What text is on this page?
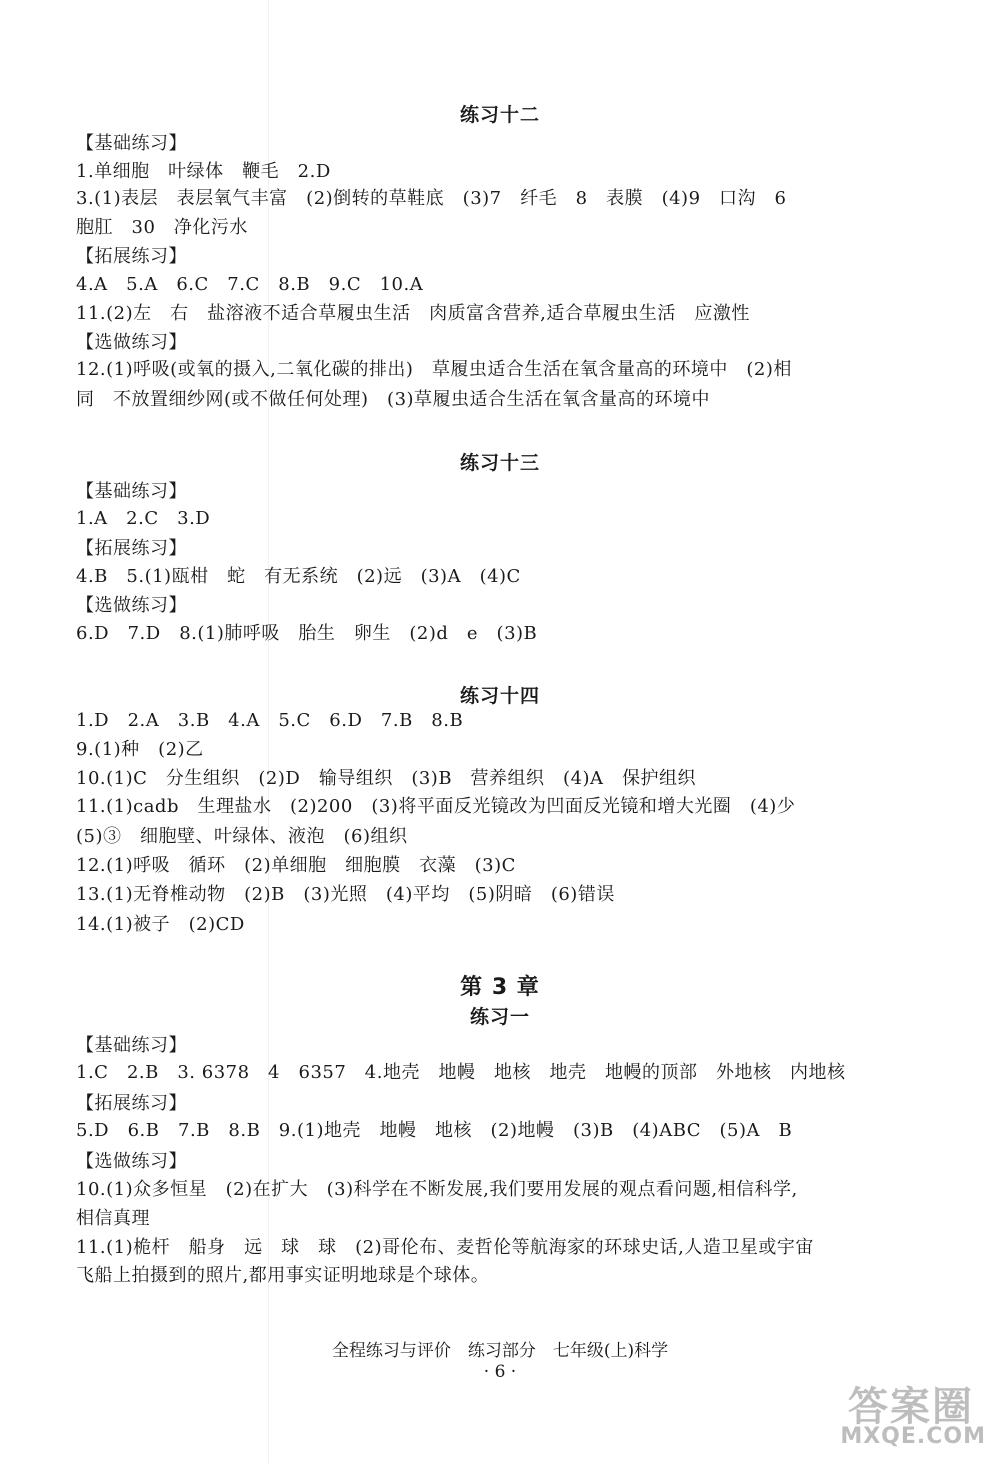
练习十二
【基础练习】
1.单细胞　叶绿体　鞭毛　2.D
3.(1)表层　表层氧气丰富　(2)倒转的草鞋底　(3)7　纤毛　8　表膜　(4)9　口沟　6
胞肛　30　净化污水
【拓展练习】
4.A　5.A　6.C　7.C　8.B　9.C　10.A
11.(2)左　右　盐溶液不适合草履虫生活　肉质富含营养,适合草履虫生活　应激性
【选做练习】
12.(1)呼吸(或氧的摄入,二氧化碳的排出)　草履虫适合生活在氧含量高的环境中　(2)相
同　不放置细纱网(或不做任何处理)　(3)草履虫适合生活在氧含量高的环境中
练习十三
【基础练习】
1.A　2.C　3.D
【拓展练习】
4.B　5.(1)瓯柑　蛇　有无系统　(2)远　(3)A　(4)C
【选做练习】
6.D　7.D　8.(1)肺呼吸　胎生　卵生　(2)d　e　(3)B
练习十四
1.D　2.A　3.B　4.A　5.C　6.D　7.B　8.B
9.(1)种　(2)乙
10.(1)C　分生组织　(2)D　输导组织　(3)B　营养组织　(4)A　保护组织
11.(1)cadb　生理盐水　(2)200　(3)将平面反光镜改为凹面反光镜和增大光圈　(4)少
(5)③　细胞壁、叶绿体、液泡　(6)组织
12.(1)呼吸　循环　(2)单细胞　细胞膜　衣藻　(3)C
13.(1)无脊椎动物　(2)B　(3)光照　(4)平均　(5)阴暗　(6)错误
14.(1)被子　(2)CD
第 3 章
练习一
【基础练习】
1.C　2.B　3. 6378　4　6357　4.地壳　地幔　地核　地壳　地幔的顶部　外地核　内地核
【拓展练习】
5.D　6.B　7.B　8.B　9.(1)地壳　地幔　地核　(2)地幔　(3)B　(4)ABC　(5)A　B
【选做练习】
10.(1)众多恒星　(2)在扩大　(3)科学在不断发展,我们要用发展的观点看问题,相信科学,
相信真理
11.(1)桅杆　船身　远　球　球　(2)哥伦布、麦哲伦等航海家的环球史话,人造卫星或宇宙
飞船上拍摄到的照片,都用事实证明地球是个球体。
全程练习与评价　练习部分　七年级(上)科学
· 6 ·
答案圈
MXQE.COM
